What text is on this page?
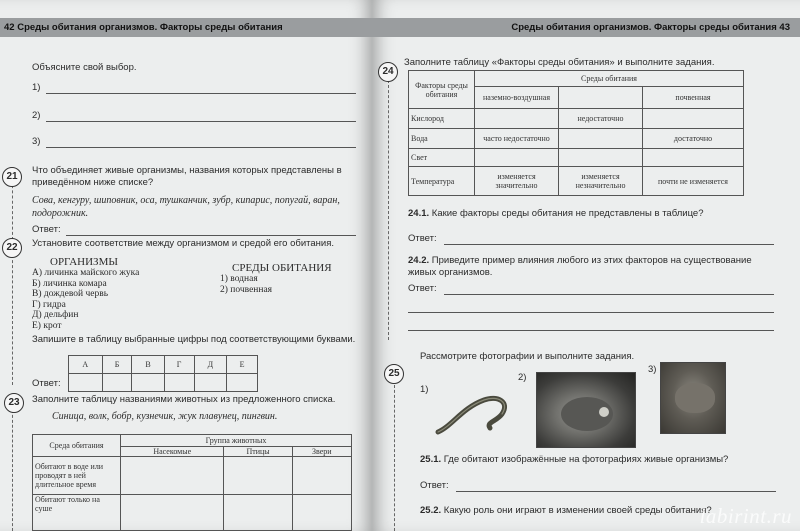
42 Среды обитания организмов. Факторы среды обитания
Объясните свой выбор.
1)
2)
3)
21
Что объединяет живые организмы, названия которых представлены в приведённом ниже списке?
Сова, кенгуру, шиповник, оса, тушканчик, зубр, кипарис, попугай, варан, подорожник.
Ответ:
22	Установите соответствие между организмом и средой его обитания.
ОРГАНИЗМЫ
А) личинка майского жука
Б) личинка комара
В) дождевой червь
Г) гидра
Д) дельфин
Е) крот
СРЕДЫ ОБИТАНИЯ
1) водная
2) почвенная
Запишите в таблицу выбранные цифры под соответствующими буквами.
А	Б	В	Г	Д	Е

Ответ:
23	Заполните таблицу названиями животных из предложенного списка.
Синица, волк, бобр, кузнечик, жук плавунец, пингвин.
Среда обитания	Группа животных		
	Насекомые	Птицы	Звери
Обитают в воде или проводят в ней длительное время			
Обитают только на суше			
Среды обитания организмов. Факторы среды обитания 43
24
Заполните таблицу «Факторы среды обитания» и выполните задания.
Факторы среды обитания	Среды обитания		
	наземно-воздушная		почвенная
Кислород		недостаточно	
Вода	часто недостаточно		достаточно
Свет			
Температура	изменяется значительно	изменяется незначительно	почти не изменяется
24.1. Какие факторы среды обитания не представлены в таблице?
Ответ:
24.2. Приведите пример влияния любого из этих факторов на существование живых организмов.
Ответ:
25
Рассмотрите фотографии и выполните задания.
1)
2)
3)
25.1. Где обитают изображённые на фотографиях живые организмы?
Ответ:
25.2. Какую роль они играют в изменении своей среды обитания?
labirint.ru
